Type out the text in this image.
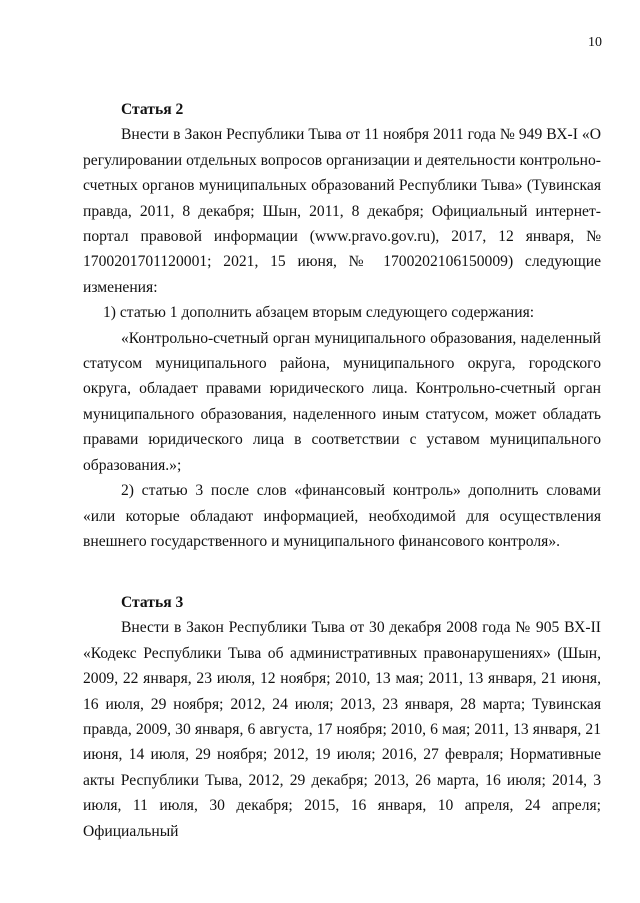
10

Статья 2

Внести в Закон Республики Тыва от 11 ноября 2011 года № 949 ВХ-I «О регулировании отдельных вопросов организации и деятельности контрольно-счетных органов муниципальных образований Республики Тыва» (Тувинская правда, 2011, 8 декабря; Шын, 2011, 8 декабря; Официальный интернет-портал правовой информации (www.pravo.gov.ru), 2017, 12 января, № 1700201701120001; 2021, 15 июня, № 1700202106150009) следующие изменения:

1) статью 1 дополнить абзацем вторым следующего содержания:

«Контрольно-счетный орган муниципального образования, наделенный статусом муниципального района, муниципального округа, городского округа, обладает правами юридического лица. Контрольно-счетный орган муниципального образования, наделенного иным статусом, может обладать правами юридического лица в соответствии с уставом муниципального образования.»;

2) статью 3 после слов «финансовый контроль» дополнить словами «или которые обладают информацией, необходимой для осуществления внешнего государственного и муниципального финансового контроля».

Статья 3

Внести в Закон Республики Тыва от 30 декабря 2008 года № 905 ВХ-II «Кодекс Республики Тыва об административных правонарушениях» (Шын, 2009, 22 января, 23 июля, 12 ноября; 2010, 13 мая; 2011, 13 января, 21 июня, 16 июля, 29 ноября; 2012, 24 июля; 2013, 23 января, 28 марта; Тувинская правда, 2009, 30 января, 6 августа, 17 ноября; 2010, 6 мая; 2011, 13 января, 21 июня, 14 июля, 29 ноября; 2012, 19 июля; 2016, 27 февраля; Нормативные акты Республики Тыва, 2012, 29 декабря; 2013, 26 марта, 16 июля; 2014, 3 июля, 11 июля, 30 декабря; 2015, 16 января, 10 апреля, 24 апреля; Официальный
